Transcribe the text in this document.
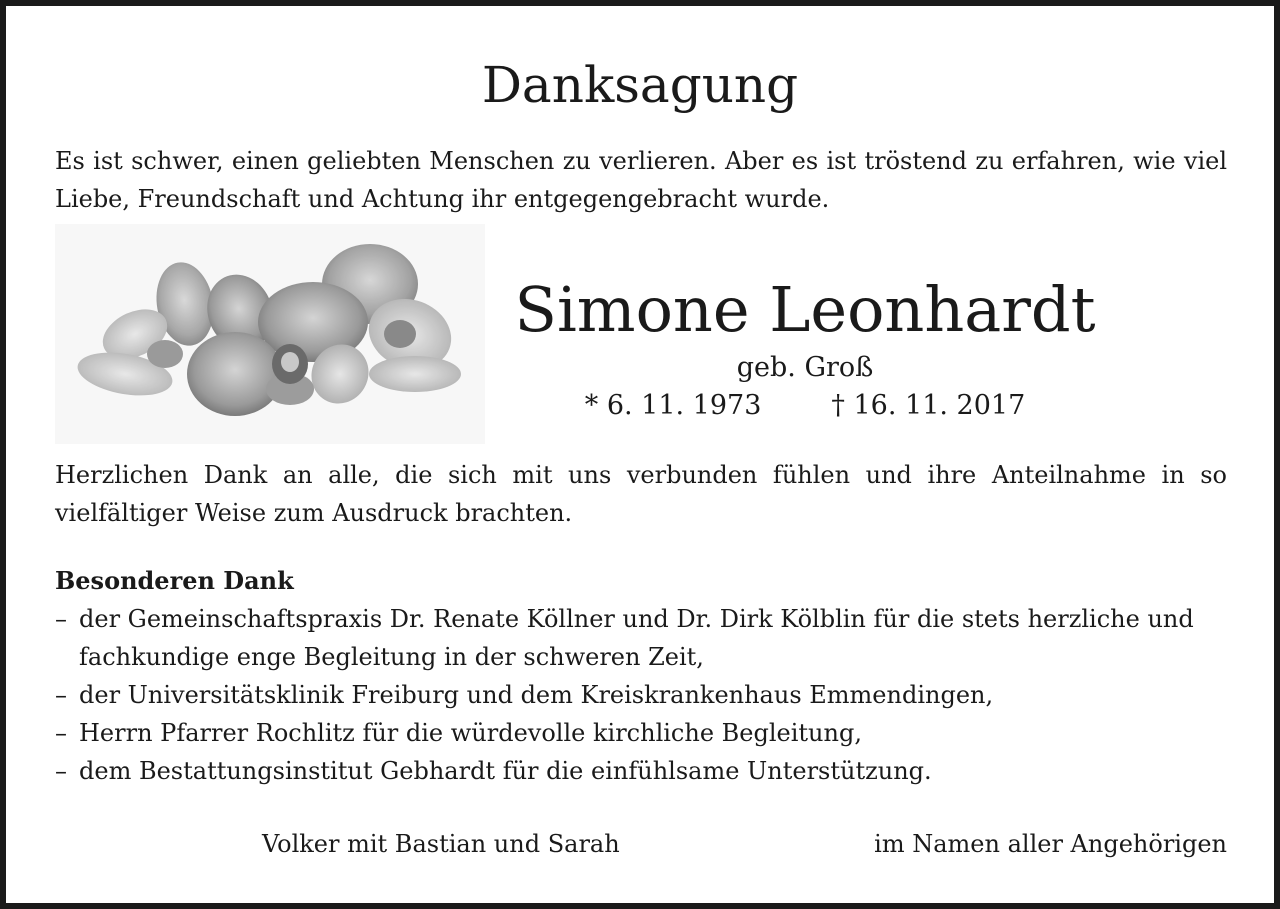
Danksagung
Es ist schwer, einen geliebten Menschen zu verlieren. Aber es ist tröstend zu erfahren, wie viel Liebe, Freundschaft und Achtung ihr entgegengebracht wurde.
Simone Leonhardt
geb. Groß
* 6. 11. 1973	† 16. 11. 2017
Herzlichen Dank an alle, die sich mit uns verbunden fühlen und ihre Anteilnahme in so vielfältiger Weise zum Ausdruck brachten.
Besonderen Dank
– der Gemeinschaftspraxis Dr. Renate Köllner und Dr. Dirk Kölblin für die stets herzliche und fachkundige enge Begleitung in der schweren Zeit,
– der Universitätsklinik Freiburg und dem Kreiskrankenhaus Emmendingen,
– Herrn Pfarrer Rochlitz für die würdevolle kirchliche Begleitung,
– dem Bestattungsinstitut Gebhardt für die einfühlsame Unterstützung.
Volker mit Bastian und Sarah	im Namen aller Angehörigen
